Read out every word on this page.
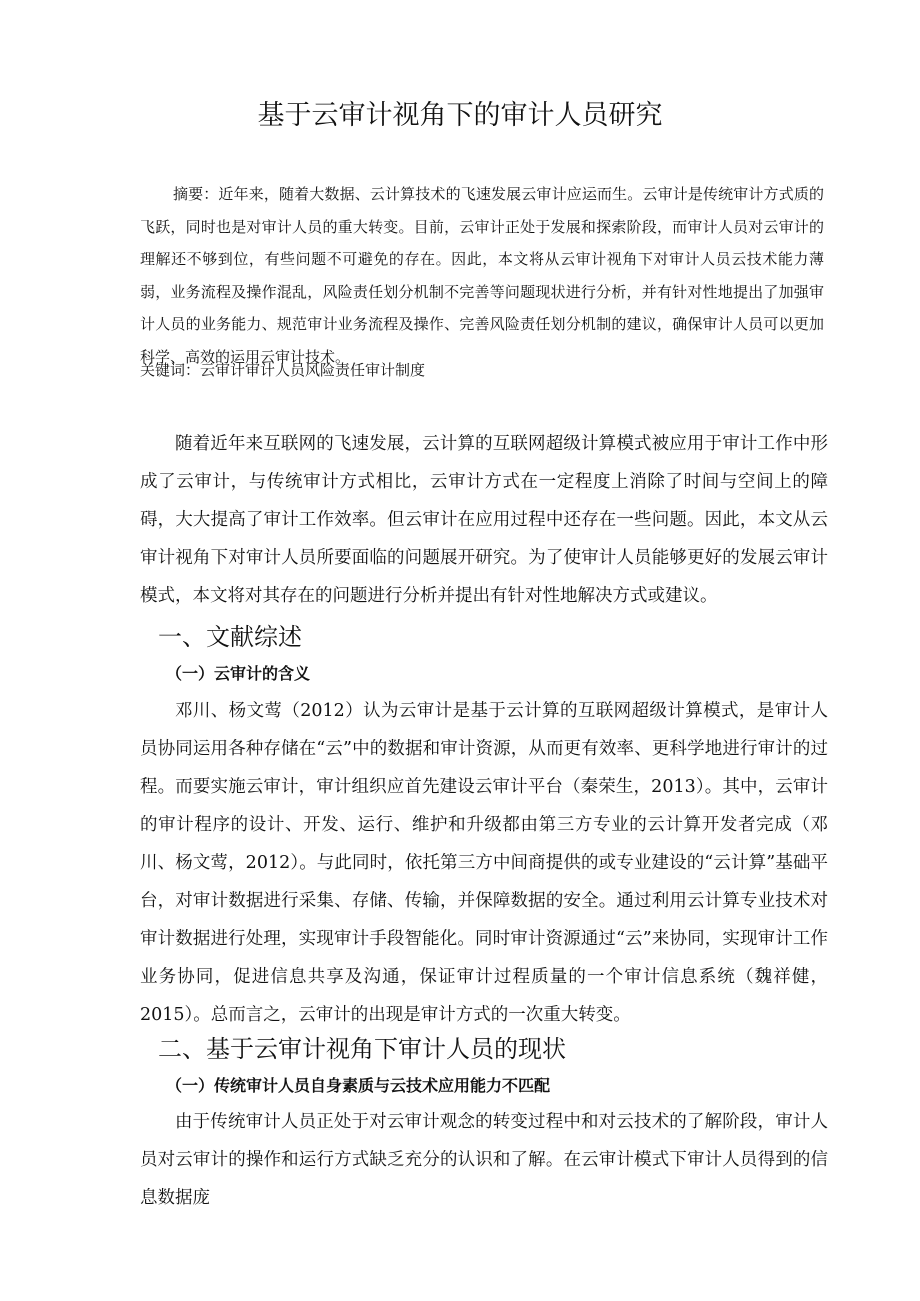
基于云审计视角下的审计人员研究

摘要：近年来，随着大数据、云计算技术的飞速发展云审计应运而生。云审计是传统审计方式质的飞跃，同时也是对审计人员的重大转变。目前，云审计正处于发展和探索阶段，而审计人员对云审计的理解还不够到位，有些问题不可避免的存在。因此，本文将从云审计视角下对审计人员云技术能力薄弱，业务流程及操作混乱，风险责任划分机制不完善等问题现状进行分析，并有针对性地提出了加强审计人员的业务能力、规范审计业务流程及操作、完善风险责任划分机制的建议，确保审计人员可以更加科学、高效的运用云审计技术。

关键词：云审计审计人员风险责任审计制度

随着近年来互联网的飞速发展，云计算的互联网超级计算模式被应用于审计工作中形成了云审计，与传统审计方式相比，云审计方式在一定程度上消除了时间与空间上的障碍，大大提高了审计工作效率。但云审计在应用过程中还存在一些问题。因此，本文从云审计视角下对审计人员所要面临的问题展开研究。为了使审计人员能够更好的发展云审计模式，本文将对其存在的问题进行分析并提出有针对性地解决方式或建议。

一、文献综述
（一）云审计的含义

邓川、杨文莺（2012）认为云审计是基于云计算的互联网超级计算模式，是审计人员协同运用各种存储在“云”中的数据和审计资源，从而更有效率、更科学地进行审计的过程。而要实施云审计，审计组织应首先建设云审计平台（秦荣生，2013）。其中，云审计的审计程序的设计、开发、运行、维护和升级都由第三方专业的云计算开发者完成（邓川、杨文莺，2012）。与此同时，依托第三方中间商提供的或专业建设的“云计算”基础平台，对审计数据进行采集、存储、传输，并保障数据的安全。通过利用云计算专业技术对审计数据进行处理，实现审计手段智能化。同时审计资源通过“云”来协同，实现审计工作业务协同，促进信息共享及沟通，保证审计过程质量的一个审计信息系统（魏祥健，2015）。总而言之，云审计的出现是审计方式的一次重大转变。

二、基于云审计视角下审计人员的现状
（一）传统审计人员自身素质与云技术应用能力不匹配

由于传统审计人员正处于对云审计观念的转变过程中和对云技术的了解阶段，审计人员对云审计的操作和运行方式缺乏充分的认识和了解。在云审计模式下审计人员得到的信息数据庞
